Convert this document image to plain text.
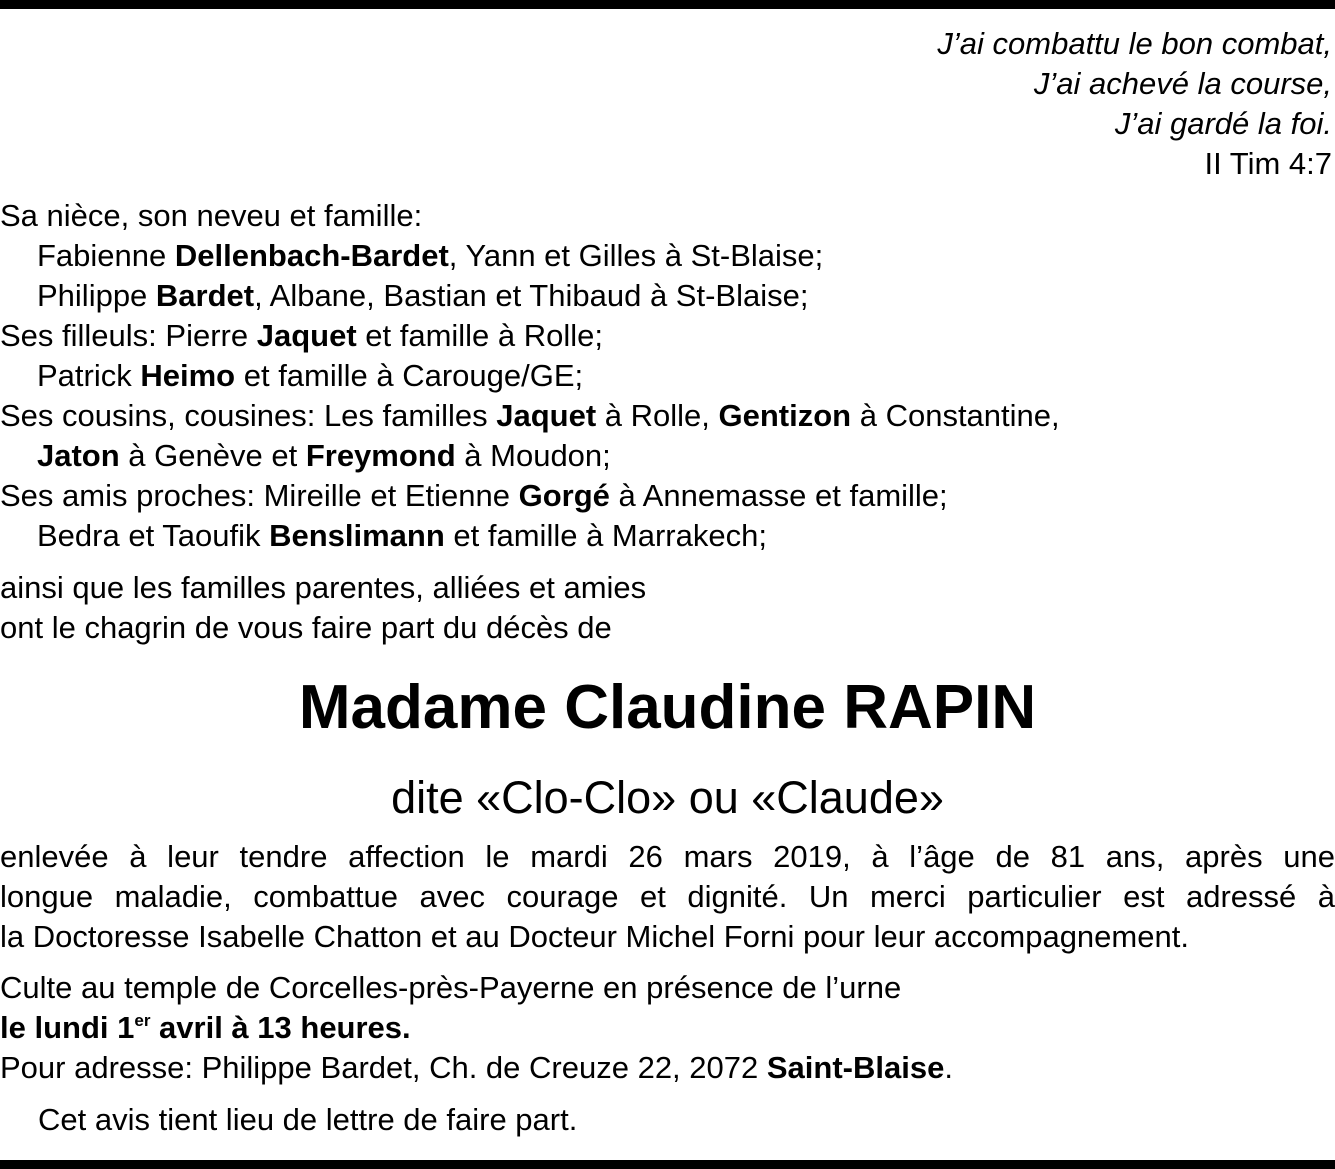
J’ai combattu le bon combat,
J’ai achevé la course,
J’ai gardé la foi.
II Tim 4:7
Sa nièce, son neveu et famille:
Fabienne Dellenbach-Bardet, Yann et Gilles à St-Blaise;
Philippe Bardet, Albane, Bastian et Thibaud à St-Blaise;
Ses filleuls: Pierre Jaquet et famille à Rolle;
Patrick Heimo et famille à Carouge/GE;
Ses cousins, cousines: Les familles Jaquet à Rolle, Gentizon à Constantine,
Jaton à Genève et Freymond à Moudon;
Ses amis proches: Mireille et Etienne Gorgé à Annemasse et famille;
Bedra et Taoufik Benslimann et famille à Marrakech;
ainsi que les familles parentes, alliées et amies
ont le chagrin de vous faire part du décès de
Madame Claudine RAPIN
dite «Clo-Clo» ou «Claude»
enlevée à leur tendre affection le mardi 26 mars 2019, à l’âge de 81 ans, après une
longue maladie, combattue avec courage et dignité. Un merci particulier est adressé à
la Doctoresse Isabelle Chatton et au Docteur Michel Forni pour leur accompagnement.
Culte au temple de Corcelles-près-Payerne en présence de l’urne
le lundi 1er avril à 13 heures.
Pour adresse: Philippe Bardet, Ch. de Creuze 22, 2072 Saint-Blaise.
Cet avis tient lieu de lettre de faire part.
